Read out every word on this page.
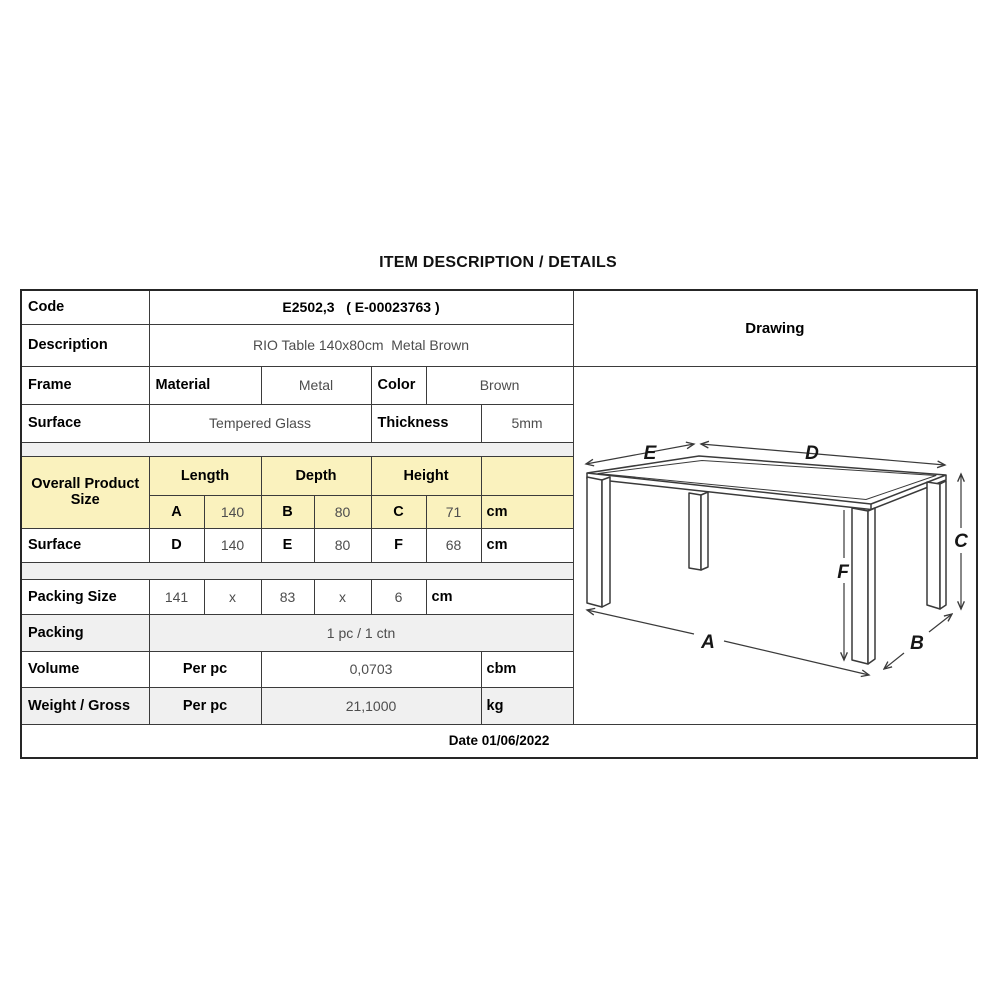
ITEM DESCRIPTION / DETAILS
Code	E2502,3   ( E-00023763 )							Drawing
Description	RIO Table 140x80cm  Metal Brown							
Frame	Material	Metal	Color	Brown	
E	D
C
F
A	B

Surface	Tempered Glass				Thickness		5mm	

Overall Product Size	Length		Depth		Height			
	A	140	B	80	C	71	cm	
Surface	D	140	E	80	F	68	cm	

Packing Size	141	x	83	x	6	cm		
Packing	1 pc / 1 ctn							
Volume	Per pc		0,0703				cbm	
Weight / Gross	Per pc		21,1000				kg	
Date 01/06/2022								
